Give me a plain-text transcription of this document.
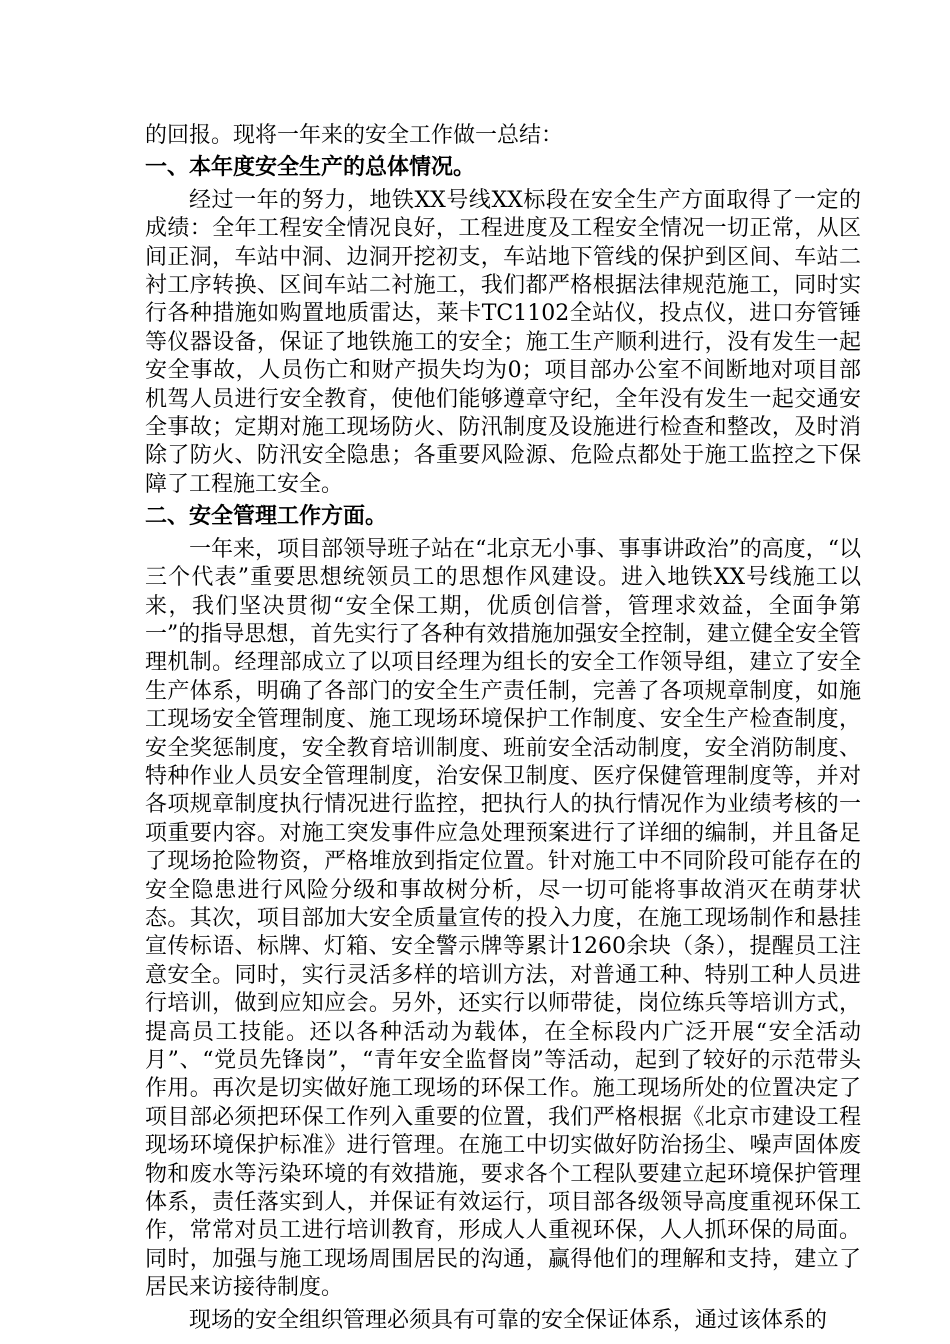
的回报。现将一年来的安全工作做一总结：

一、本年度安全生产的总体情况。

经过一年的努力，地铁XX号线XX标段在安全生产方面取得了一定的成绩：全年工程安全情况良好，工程进度及工程安全情况一切正常，从区间正洞，车站中洞、边洞开挖初支，车站地下管线的保护到区间、车站二衬工序转换、区间车站二衬施工，我们都严格根据法律规范施工，同时实行各种措施如购置地质雷达，莱卡TC1102全站仪，投点仪，进口夯管锤等仪器设备，保证了地铁施工的安全；施工生产顺利进行，没有发生一起安全事故，人员伤亡和财产损失均为0；项目部办公室不间断地对项目部机驾人员进行安全教育，使他们能够遵章守纪，全年没有发生一起交通安全事故；定期对施工现场防火、防汛制度及设施进行检查和整改，及时消除了防火、防汛安全隐患；各重要风险源、危险点都处于施工监控之下保障了工程施工安全。

二、安全管理工作方面。

一年来，项目部领导班子站在“北京无小事、事事讲政治”的高度，“以三个代表”重要思想统领员工的思想作风建设。进入地铁XX号线施工以来，我们坚决贯彻“安全保工期，优质创信誉，管理求效益，全面争第一”的指导思想，首先实行了各种有效措施加强安全控制，建立健全安全管理机制。经理部成立了以项目经理为组长的安全工作领导组，建立了安全生产体系，明确了各部门的安全生产责任制，完善了各项规章制度，如施工现场安全管理制度、施工现场环境保护工作制度、安全生产检查制度，安全奖惩制度，安全教育培训制度、班前安全活动制度，安全消防制度、特种作业人员安全管理制度，治安保卫制度、医疗保健管理制度等，并对各项规章制度执行情况进行监控，把执行人的执行情况作为业绩考核的一项重要内容。对施工突发事件应急处理预案进行了详细的编制，并且备足了现场抢险物资，严格堆放到指定位置。针对施工中不同阶段可能存在的安全隐患进行风险分级和事故树分析，尽一切可能将事故消灭在萌芽状态。其次，项目部加大安全质量宣传的投入力度，在施工现场制作和悬挂宣传标语、标牌、灯箱、安全警示牌等累计1260余块（条），提醒员工注意安全。同时，实行灵活多样的培训方法，对普通工种、特别工种人员进行培训，做到应知应会。另外，还实行以师带徒，岗位练兵等培训方式，提高员工技能。还以各种活动为载体，在全标段内广泛开展“安全活动月”、“党员先锋岗”，“青年安全监督岗”等活动，起到了较好的示范带头作用。再次是切实做好施工现场的环保工作。施工现场所处的位置决定了项目部必须把环保工作列入重要的位置，我们严格根据《北京市建设工程现场环境保护标准》进行管理。在施工中切实做好防治扬尘、噪声固体废物和废水等污染环境的有效措施，要求各个工程队要建立起环境保护管理体系，责任落实到人，并保证有效运行，项目部各级领导高度重视环保工作，常常对员工进行培训教育，形成人人重视环保，人人抓环保的局面。同时，加强与施工现场周围居民的沟通，赢得他们的理解和支持，建立了居民来访接待制度。

现场的安全组织管理必须具有可靠的安全保证体系，通过该体系的
